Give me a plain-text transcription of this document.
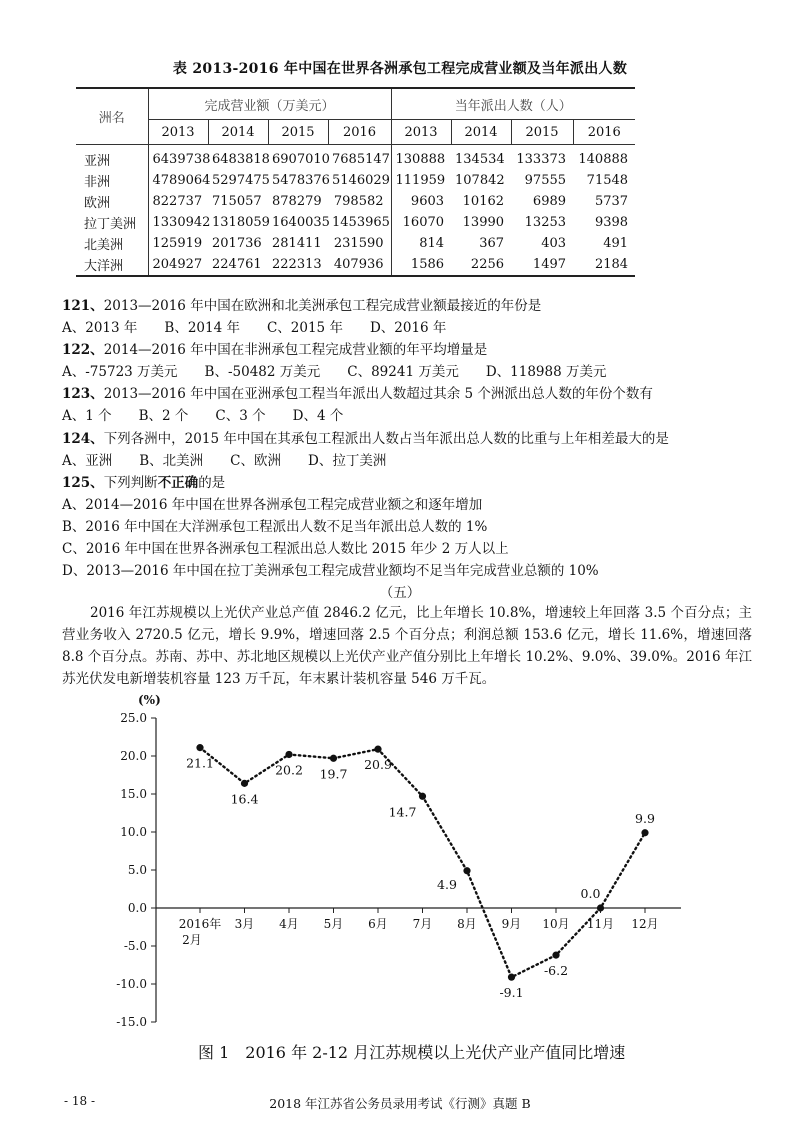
表 2013-2016 年中国在世界各洲承包工程完成营业额及当年派出人数
洲名	完成营业额（万美元）				当年派出人数（人）			
	2013	2014	2015	2016	2013	2014	2015	2016
亚洲	6439738	6483818	6907010	7685147	130888	134534	133373	140888
非洲	4789064	5297475	5478376	5146029	111959	107842	97555	71548
欧洲	822737	715057	878279	798582	9603	10162	6989	5737
拉丁美洲	1330942	1318059	1640035	1453965	16070	13990	13253	9398
北美洲	125919	201736	281411	231590	814	367	403	491
大洋洲	204927	224761	222313	407936	1586	2256	1497	2184
121、2013—2016 年中国在欧洲和北美洲承包工程完成营业额最接近的年份是
A、2013 年　　B、2014 年　　C、2015 年　　D、2016 年
122、2014—2016 年中国在非洲承包工程完成营业额的年平均增量是
A、-75723 万美元　　B、-50482 万美元　　C、89241 万美元　　D、118988 万美元
123、2013—2016 年中国在亚洲承包工程当年派出人数超过其余 5 个洲派出总人数的年份个数有
A、1 个　　B、2 个　　C、3 个　　D、4 个
124、下列各洲中，2015 年中国在其承包工程派出人数占当年派出总人数的比重与上年相差最大的是
A、亚洲　　B、北美洲　　C、欧洲　　D、拉丁美洲
125、下列判断不正确的是
A、2014—2016 年中国在世界各洲承包工程完成营业额之和逐年增加
B、2016 年中国在大洋洲承包工程派出人数不足当年派出总人数的 1%
C、2016 年中国在世界各洲承包工程派出总人数比 2015 年少 2 万人以上
D、2013—2016 年中国在拉丁美洲承包工程完成营业额均不足当年完成营业总额的 10%
（五）
2016 年江苏规模以上光伏产业总产值 2846.2 亿元，比上年增长 10.8%，增速较上年回落 3.5 个百分点；主营业务收入 2720.5 亿元，增长 9.9%，增速回落 2.5 个百分点；利润总额 153.6 亿元，增长 11.6%，增速回落 8.8 个百分点。苏南、苏中、苏北地区规模以上光伏产业产值分别比上年增长 10.2%、9.0%、39.0%。2016 年江苏光伏发电新增装机容量 123 万千瓦，年末累计装机容量 546 万千瓦。
25.0
20.0
15.0
10.0
5.0
0.0
-5.0
-10.0
-15.0
2016年 2月
3月 4月 5月 6月 7月 8月 9月 10月 11月 12月
21.1
16.4
20.2 19.7
20.9
14.7
4.9
-9.1
-6.2
0.0
9.9
(%)
图 1　2016 年 2-12 月江苏规模以上光伏产业产值同比增速
- 18 -	2018 年江苏省公务员录用考试《行测》真题 B
